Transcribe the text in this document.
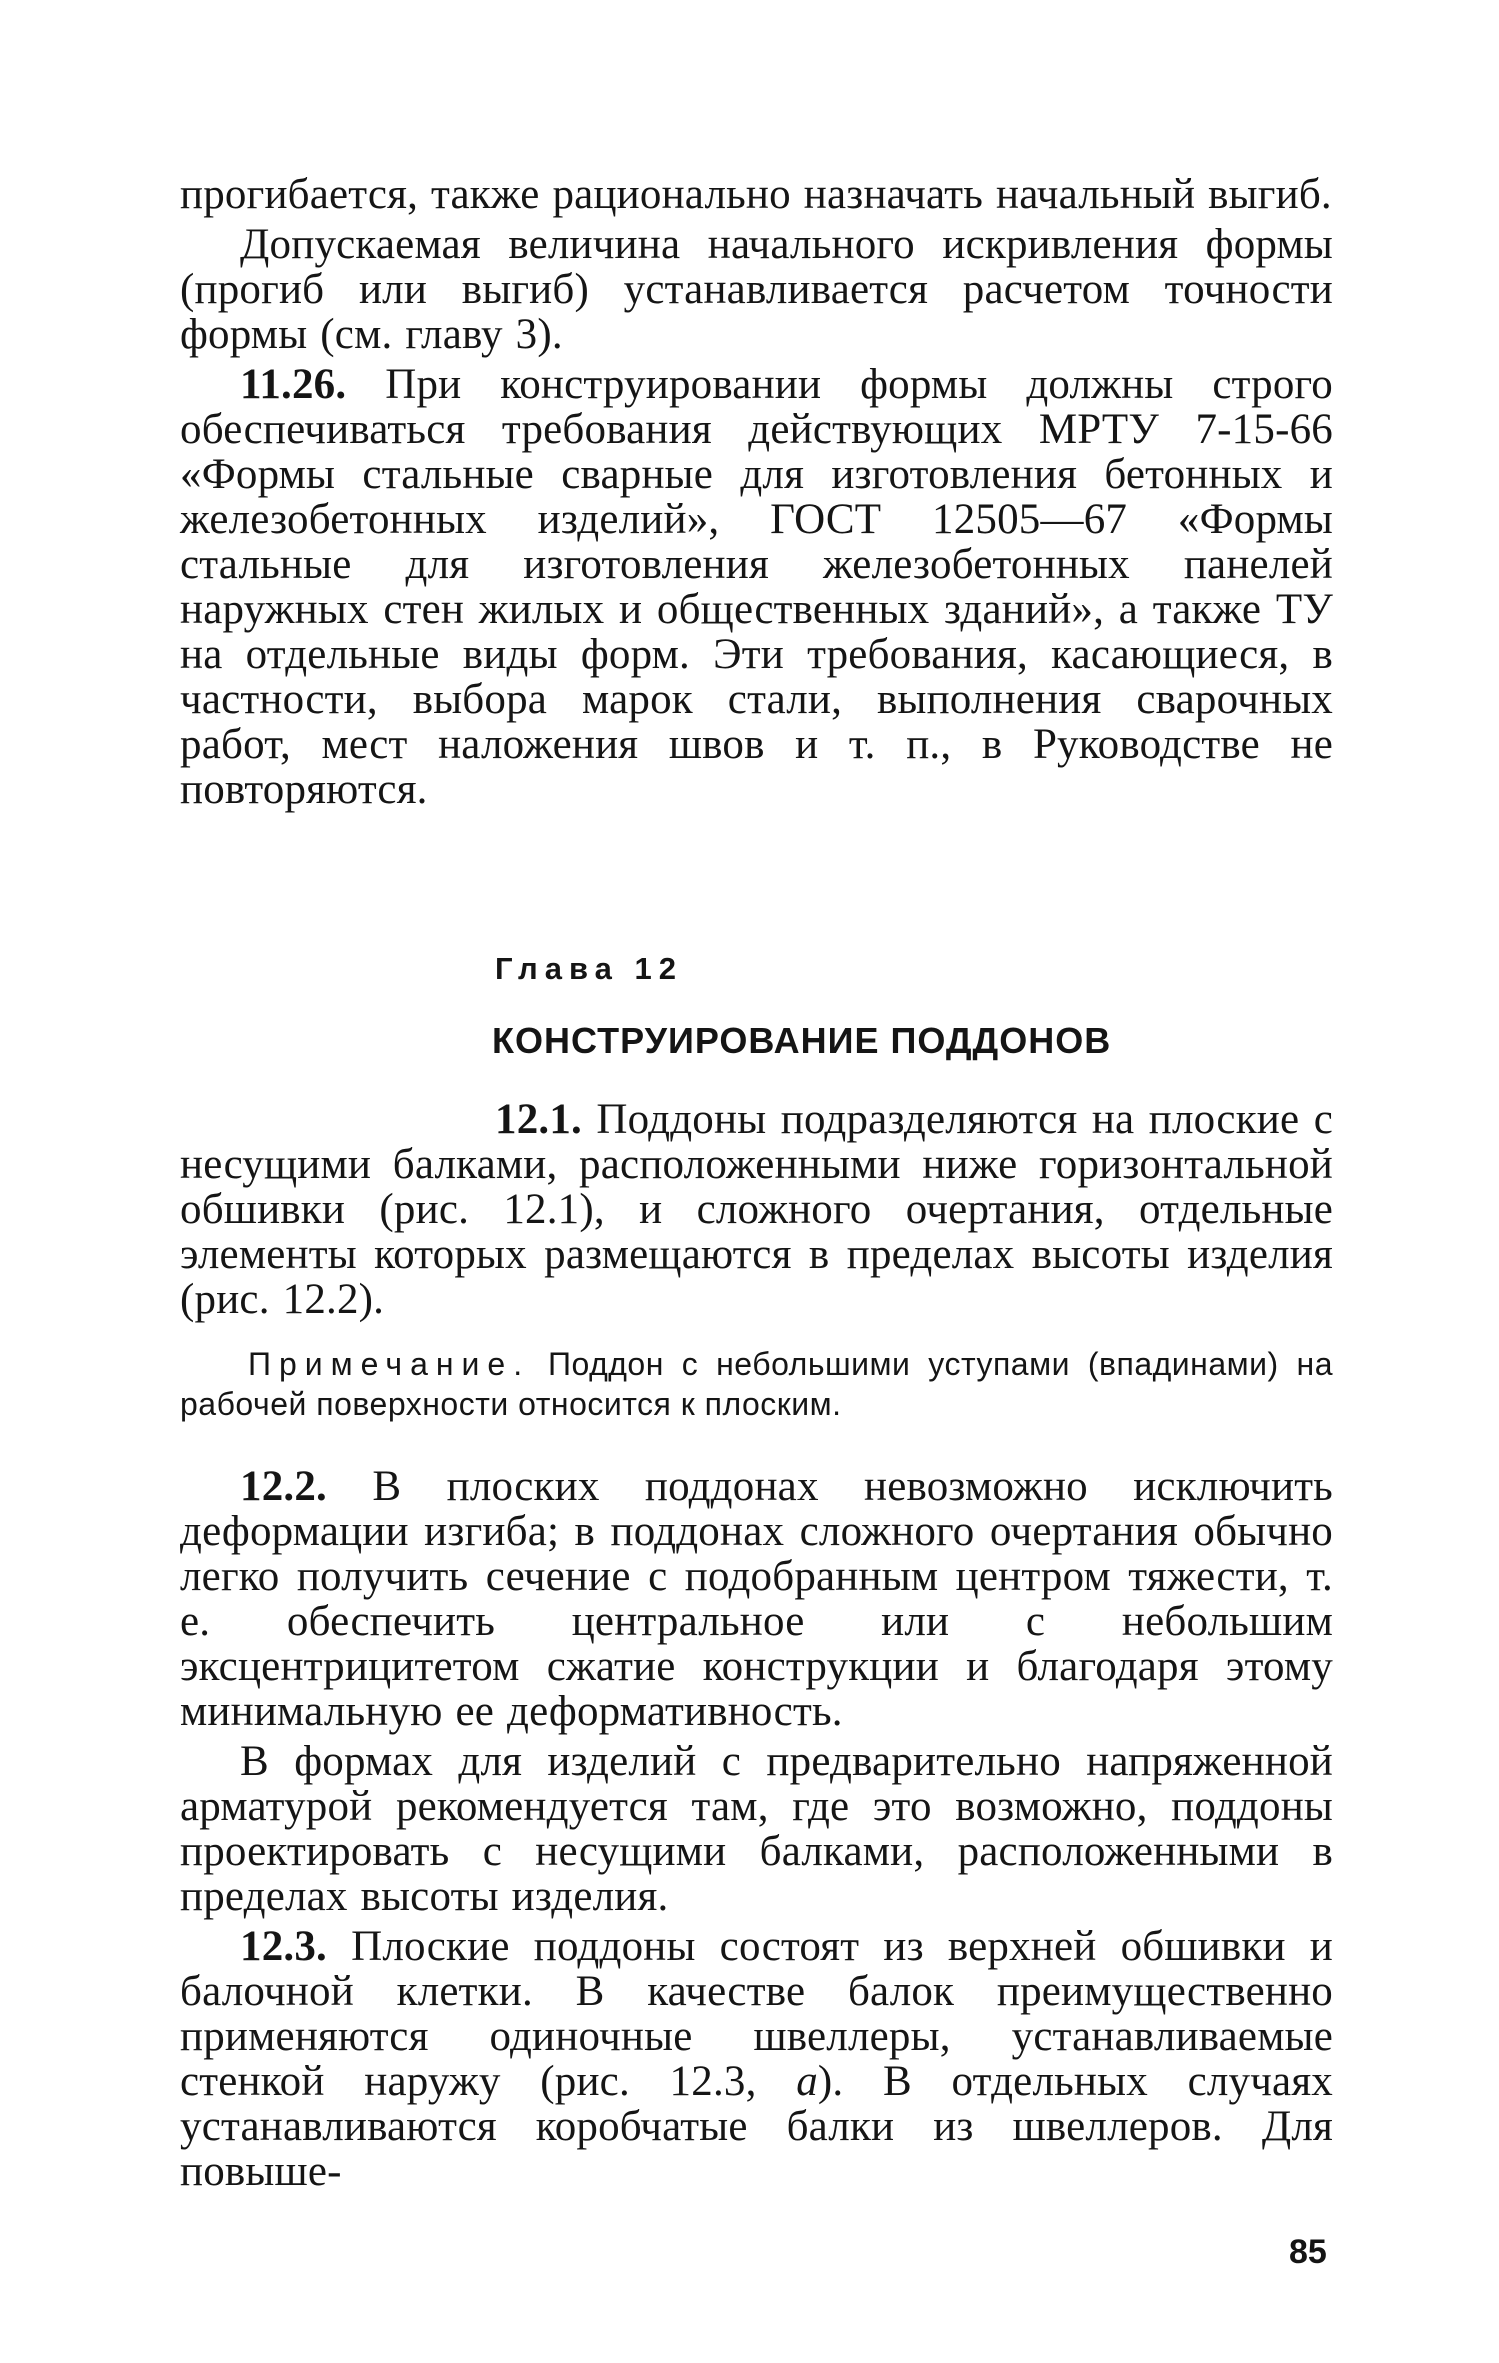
прогибается, также рационально назначать начальный выгиб.

Допускаемая величина начального искривления формы (прогиб или выгиб) устанавливается расчетом точности формы (см. главу 3).

11.26. При конструировании формы должны строго обеспечиваться требования действующих МРТУ 7-15-66 «Формы стальные сварные для изготовления бетонных и железобетонных изделий», ГОСТ 12505—67 «Формы стальные для изготовления железобетонных панелей наружных стен жилых и общественных зданий», а также ТУ на отдельные виды форм. Эти требования, касающиеся, в частности, выбора марок стали, выполнения сварочных работ, мест наложения швов и т. п., в Руководстве не повторяются.

Глава 12
КОНСТРУИРОВАНИЕ ПОДДОНОВ

12.1. Поддоны подразделяются на плоские с несущими балками, расположенными ниже горизонтальной обшивки (рис. 12.1), и сложного очертания, отдельные элементы которых размещаются в пределах высоты изделия (рис. 12.2).

Примечание. Поддон с небольшими уступами (впадинами) на рабочей поверхности относится к плоским.

12.2. В плоских поддонах невозможно исключить деформации изгиба; в поддонах сложного очертания обычно легко получить сечение с подобранным центром тяжести, т. е. обеспечить центральное или с небольшим эксцентрицитетом сжатие конструкции и благодаря этому минимальную ее деформативность.

В формах для изделий с предварительно напряженной арматурой рекомендуется там, где это возможно, поддоны проектировать с несущими балками, расположенными в пределах высоты изделия.

12.3. Плоские поддоны состоят из верхней обшивки и балочной клетки. В качестве балок преимущественно применяются одиночные швеллеры, устанавливаемые стенкой наружу (рис. 12.3, а). В отдельных случаях устанавливаются коробчатые балки из швеллеров. Для повыше-

85
